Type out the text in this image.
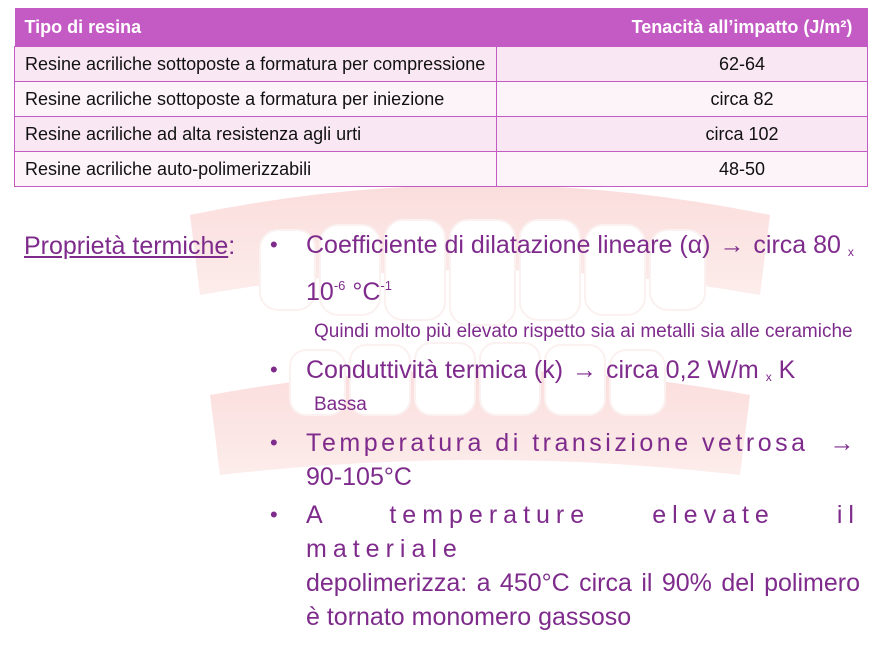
Tipo di resina	Tenacità all’impatto (J/m²)
Resine acriliche sottoposte a formatura per compressione	62-64
Resine acriliche sottoposte a formatura per iniezione	circa 82
Resine acriliche ad alta resistenza agli urti	circa 102
Resine acriliche auto-polimerizzabili	48-50
Proprietà termiche: • Coefficiente di dilatazione lineare (α) → circa 80 $_x$ $10^{-6}$ $^\circ C^{-1}$
Quindi molto più elevato rispetto sia ai metalli sia alle ceramiche
• Conduttività termica (k) → circa 0,2 W/m $_x$ K
Bassa
• Temperatura di transizione vetrosa →
90-105°C
• A temperature elevate il materiale
depolimerizza: a 450°C circa il 90% del polimero è tornato monomero gassoso
